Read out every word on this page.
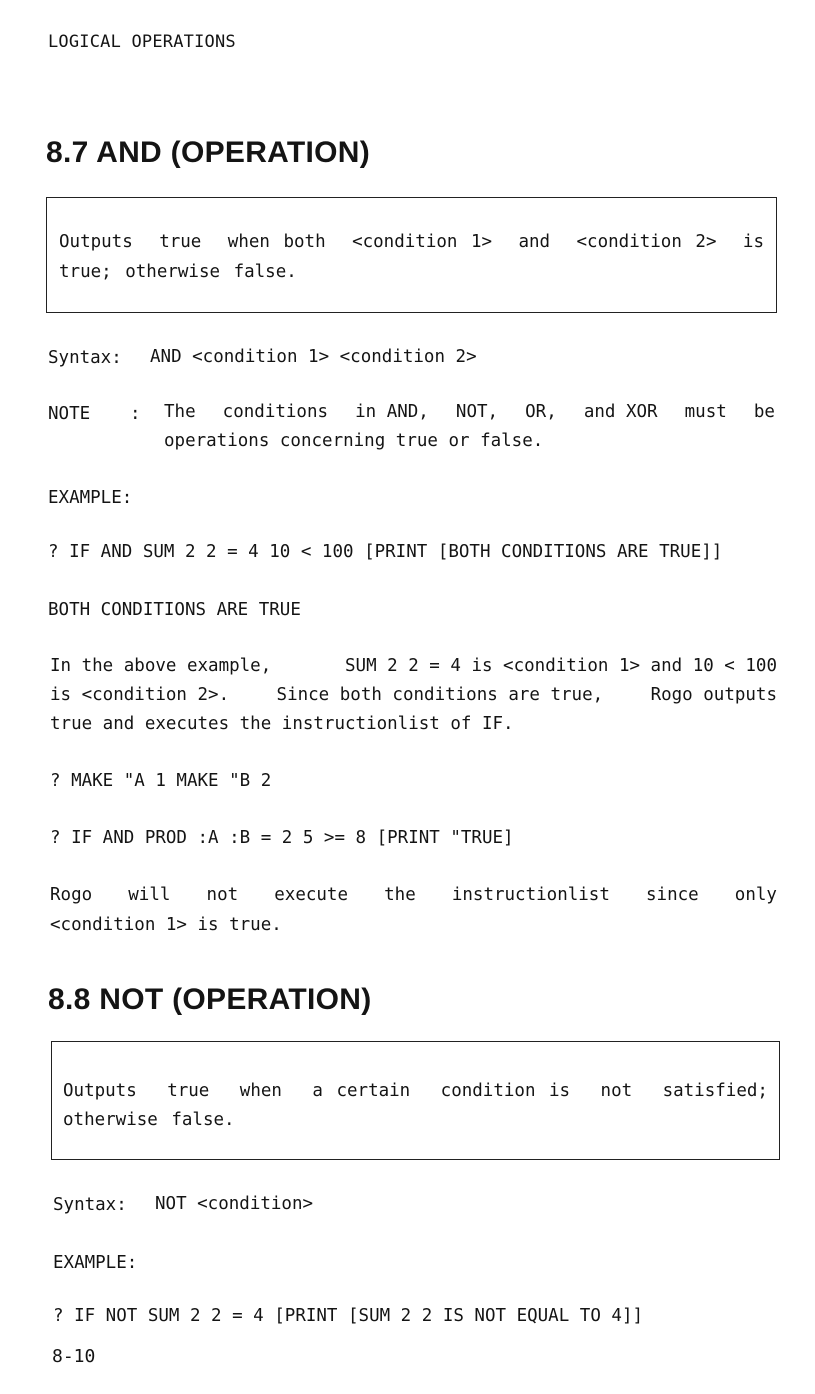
LOGICAL OPERATIONS
8.7 AND (OPERATION)
Outputs true when both <condition 1> and <condition 2> is
true; otherwise false.
Syntax: AND <condition 1> <condition 2>
NOTE : The conditions in AND, NOT, OR, and XOR must be
operations concerning true or false.
EXAMPLE:
? IF AND SUM 2 2 = 4 10 < 100 [PRINT [BOTH CONDITIONS ARE TRUE]]
BOTH CONDITIONS ARE TRUE
In the above example,	SUM 2 2 = 4 is <condition 1> and 10 < 100
is <condition 2>.	Since both conditions are true,	Rogo outputs
true and executes the instructionlist of IF.
? MAKE "A 1 MAKE "B 2
? IF AND PROD :A :B = 2 5 >= 8 [PRINT "TRUE]
Rogo will not execute the instructionlist since only
<condition 1> is true.
8.8 NOT (OPERATION)
Outputs true when a certain condition is not satisfied;
otherwise false.
Syntax: NOT <condition>
EXAMPLE:
? IF NOT SUM 2 2 = 4 [PRINT [SUM 2 2 IS NOT EQUAL TO 4]]
8-10
